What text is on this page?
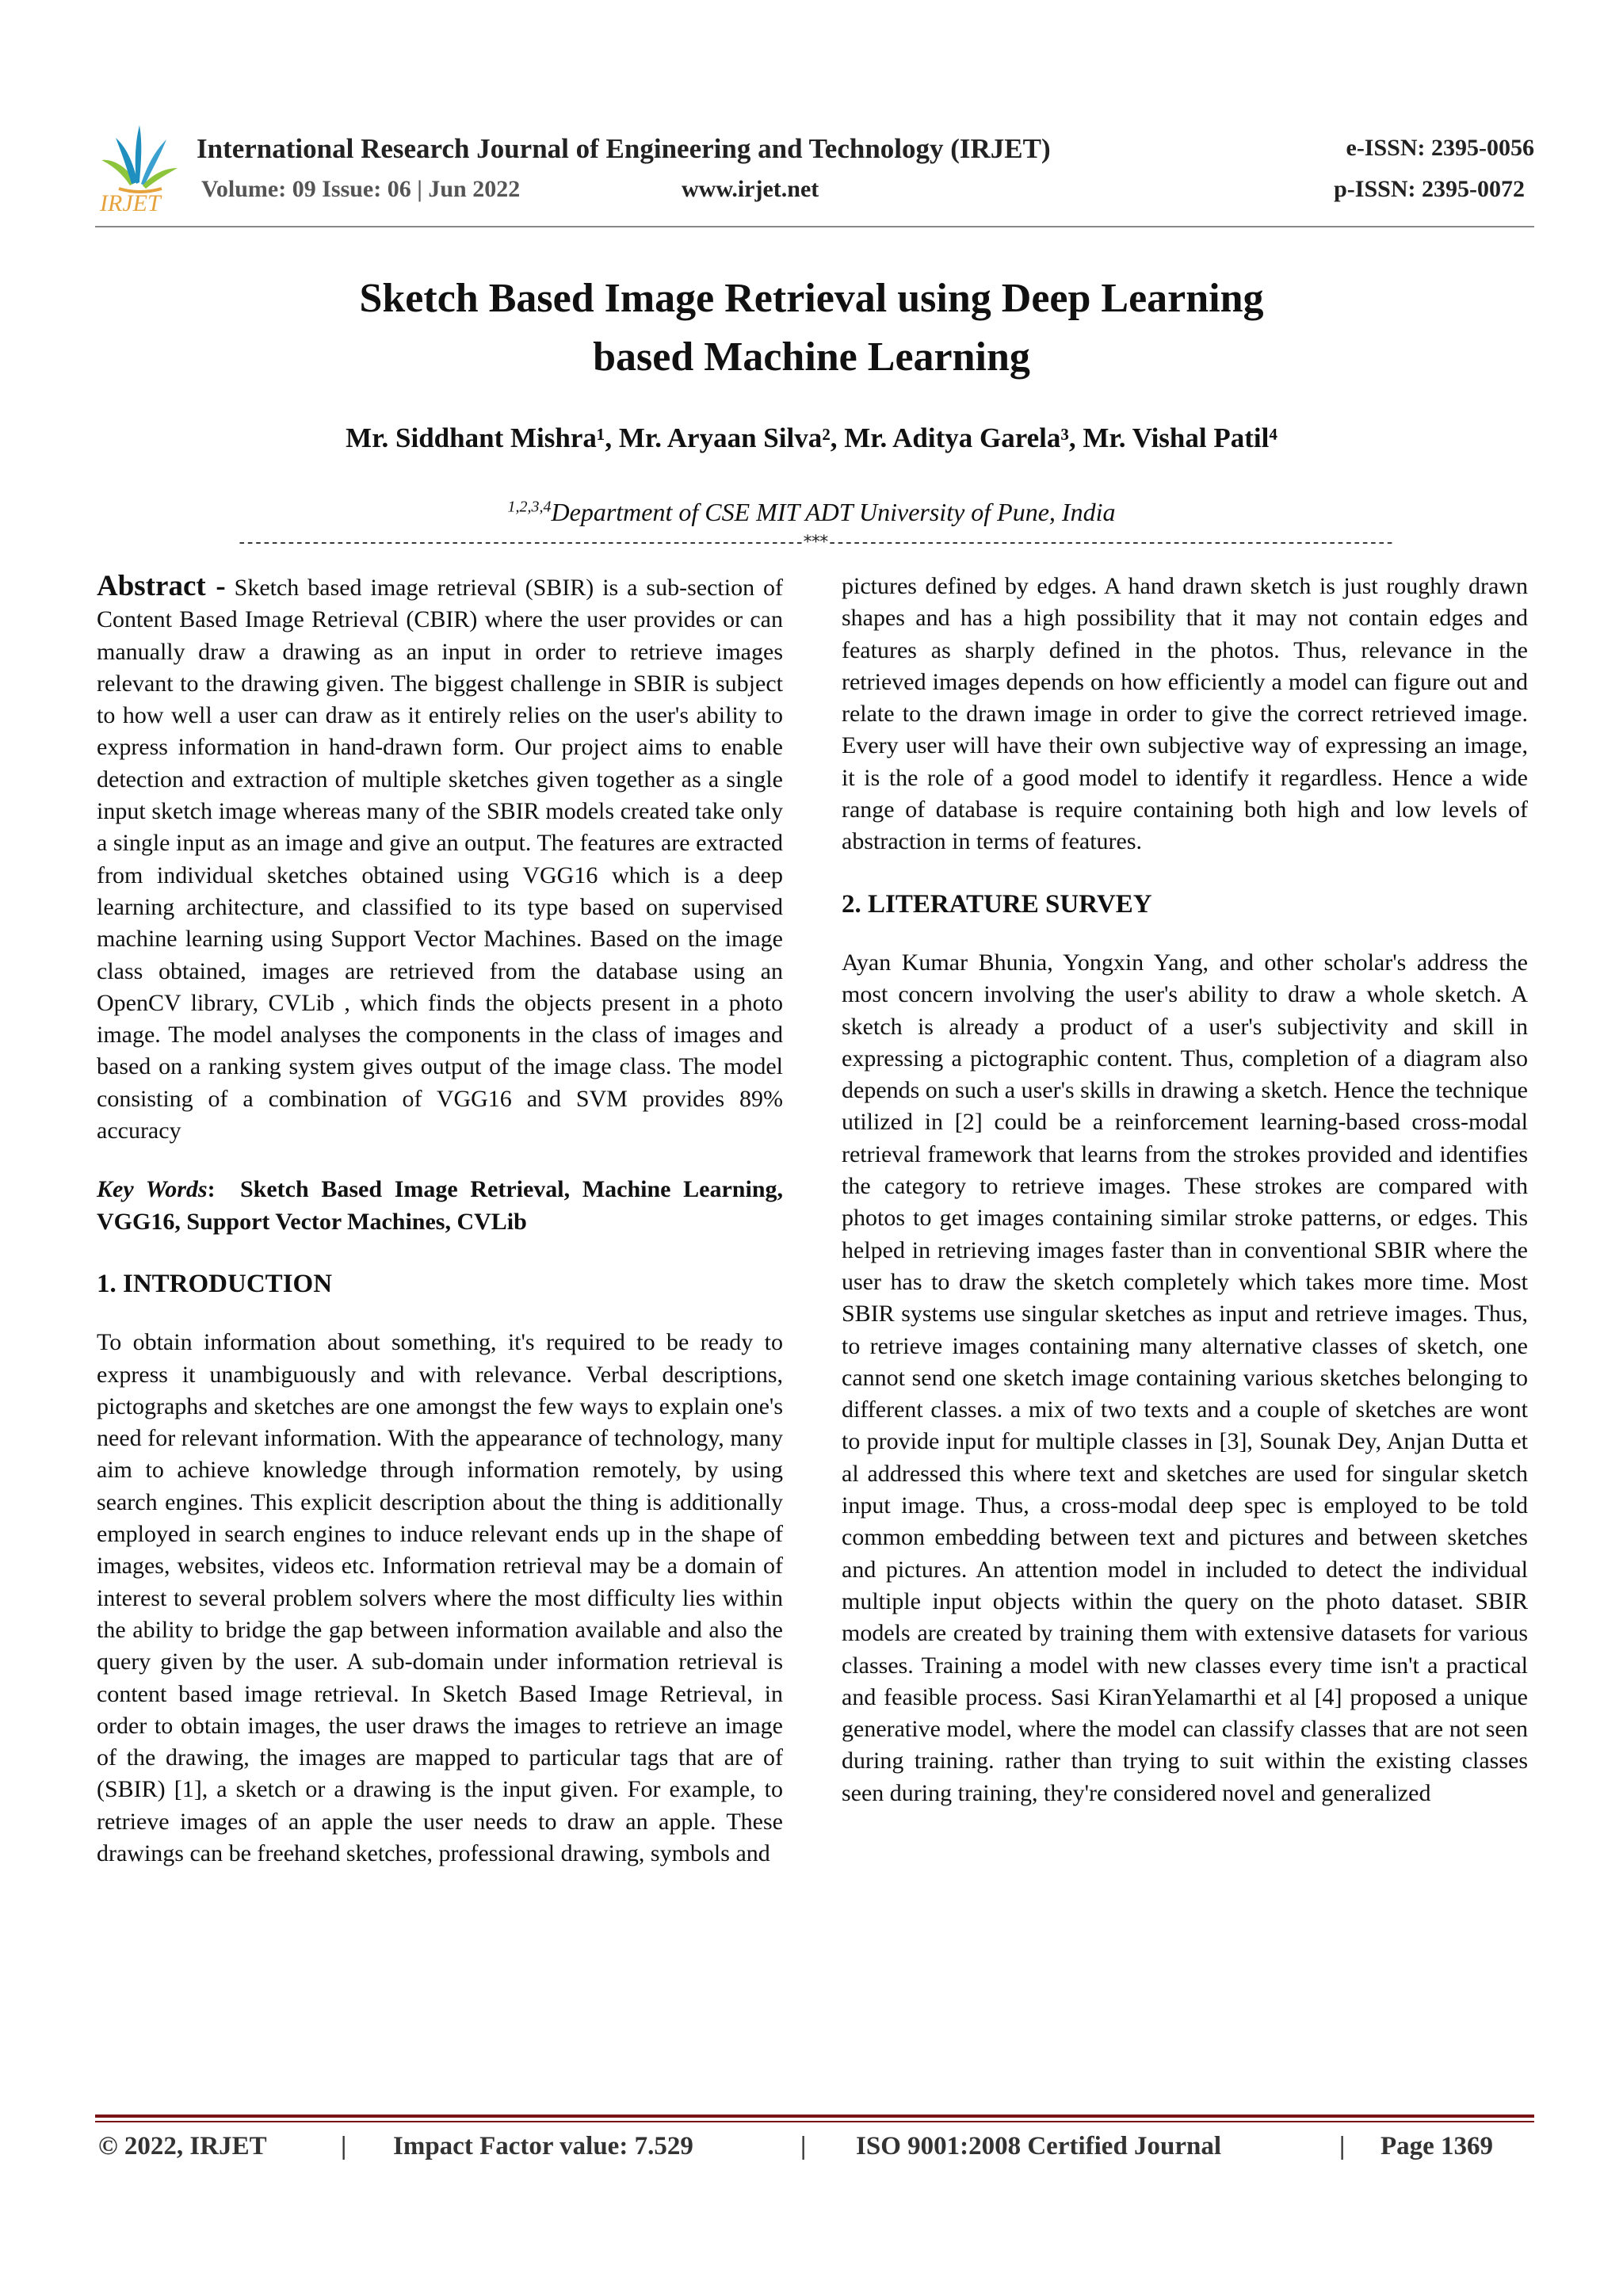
IRJET
International Research Journal of Engineering and Technology (IRJET)
Volume: 09 Issue: 06 | Jun 2022	www.irjet.net
e-ISSN: 2395-0056
p-ISSN: 2395-0072
Sketch Based Image Retrieval using Deep Learning
based Machine Learning
Mr. Siddhant Mishra¹, Mr. Aryaan Silva², Mr. Aditya Garela³, Mr. Vishal Patil⁴
$^{1,2,3,4}$Department of CSE MIT ADT University of Pune, India
---------------------------------------------------------------------***---------------------------------------------------------------------

Abstract - Sketch based image retrieval (SBIR) is a sub-section of Content Based Image Retrieval (CBIR) where the user provides or can manually draw a drawing as an input in order to retrieve images relevant to the drawing given. The biggest challenge in SBIR is subject to how well a user can draw as it entirely relies on the user's ability to express information in hand-drawn form. Our project aims to enable detection and extraction of multiple sketches given together as a single input sketch image whereas many of the SBIR models created take only a single input as an image and give an output. The features are extracted from individual sketches obtained using VGG16 which is a deep learning architecture, and classified to its type based on supervised machine learning using Support Vector Machines. Based on the image class obtained, images are retrieved from the database using an OpenCV library, CVLib , which finds the objects present in a photo image. The model analyses the components in the class of images and based on a ranking system gives output of the image class. The model consisting of a combination of VGG16 and SVM provides 89% accuracy

Key Words:  Sketch Based Image Retrieval, Machine Learning, VGG16, Support Vector Machines, CVLib

1. INTRODUCTION

To obtain information about something, it's required to be ready to express it unambiguously and with relevance. Verbal descriptions, pictographs and sketches are one amongst the few ways to explain one's need for relevant information. With the appearance of technology, many aim to achieve knowledge through information remotely, by using search engines. This explicit description about the thing is additionally employed in search engines to induce relevant ends up in the shape of images, websites, videos etc. Information retrieval may be a domain of interest to several problem solvers where the most difficulty lies within the ability to bridge the gap between information available and also the query given by the user. A sub-domain under information retrieval is content based image retrieval. In Sketch Based Image Retrieval, in order to obtain images, the user draws the images to retrieve an image of the drawing, the images are mapped to particular tags that are of (SBIR) [1], a sketch or a drawing is the input given. For example, to retrieve images of an apple the user needs to draw an apple. These drawings can be freehand sketches, professional drawing, symbols and

pictures defined by edges. A hand drawn sketch is just roughly drawn shapes and has a high possibility that it may not contain edges and features as sharply defined in the photos. Thus, relevance in the retrieved images depends on how efficiently a model can figure out and relate to the drawn image in order to give the correct retrieved image. Every user will have their own subjective way of expressing an image, it is the role of a good model to identify it regardless. Hence a wide range of database is require containing both high and low levels of abstraction in terms of features.

2. LITERATURE SURVEY

Ayan Kumar Bhunia, Yongxin Yang, and other scholar's address the most concern involving the user's ability to draw a whole sketch. A sketch is already a product of a user's subjectivity and skill in expressing a pictographic content. Thus, completion of a diagram also depends on such a user's skills in drawing a sketch. Hence the technique utilized in [2] could be a reinforcement learning-based cross-modal retrieval framework that learns from the strokes provided and identifies the category to retrieve images. These strokes are compared with photos to get images containing similar stroke patterns, or edges. This helped in retrieving images faster than in conventional SBIR where the user has to draw the sketch completely which takes more time. Most SBIR systems use singular sketches as input and retrieve images. Thus, to retrieve images containing many alternative classes of sketch, one cannot send one sketch image containing various sketches belonging to different classes. a mix of two texts and a couple of sketches are wont to provide input for multiple classes in [3], Sounak Dey, Anjan Dutta et al addressed this where text and sketches are used for singular sketch input image. Thus, a cross-modal deep spec is employed to be told common embedding between text and pictures and between sketches and pictures. An attention model in included to detect the individual multiple input objects within the query on the photo dataset. SBIR models are created by training them with extensive datasets for various classes. Training a model with new classes every time isn't a practical and feasible process. Sasi KiranYelamarthi et al [4] proposed a unique generative model, where the model can classify classes that are not seen during training. rather than trying to suit within the existing classes seen during training, they're considered novel and generalized

© 2022, IRJET	| Impact Factor value: 7.529	| ISO 9001:2008 Certified Journal	| Page 1369
